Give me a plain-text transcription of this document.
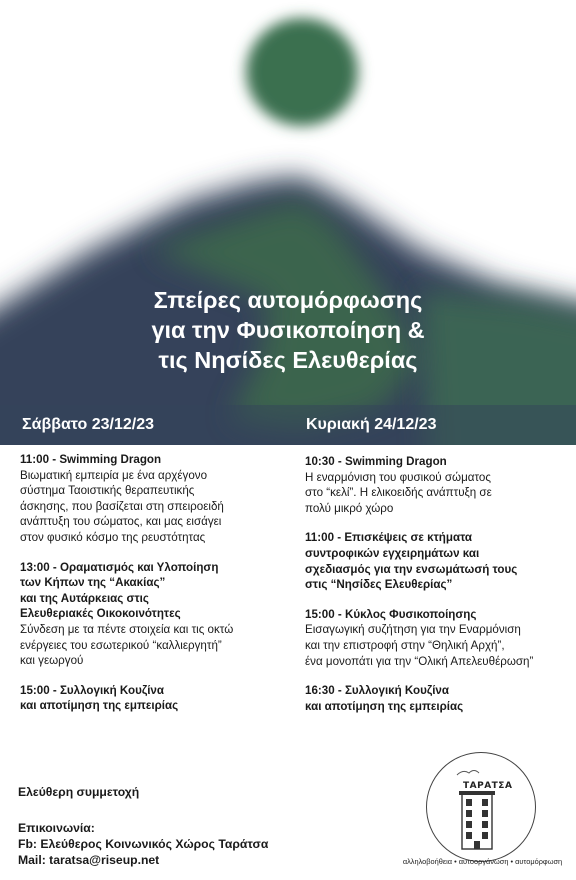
Σπείρες αυτομόρφωσης
για την Φυσικοποίηση &
τις Νησίδες Ελευθερίας
Σάββατο 23/12/23	Κυριακή 24/12/23
11:00 - Swimming Dragon
Βιωματική εμπειρία με ένα αρχέγονο
σύστημα Ταοιστικής θεραπευτικής
άσκησης, που βασίζεται στη σπειροειδή
ανάπτυξη του σώματος, και μας εισάγει
στον φυσικό κόσμο της ρευστότητας
13:00 - Οραματισμός και Υλοποίηση
των Κήπων της “Ακακίας”
και της Αυτάρκειας στις
Ελευθεριακές Οικοκοινότητες
Σύνδεση με τα πέντε στοιχεία και τις οκτώ
ενέργειες του εσωτερικού “καλλιεργητή”
και γεωργού
15:00 - Συλλογική Κουζίνα
και αποτίμηση της εμπειρίας
10:30 - Swimming Dragon
Η εναρμόνιση του φυσικού σώματος
στο “κελί”. Η ελικοειδής ανάπτυξη σε
πολύ μικρό χώρο
11:00 - Επισκέψεις σε κτήματα
συντροφικών εγχειρημάτων και
σχεδιασμός για την ενσωμάτωσή τους
στις “Νησίδες Ελευθερίας”
15:00 - Κύκλος Φυσικοποίησης
Εισαγωγική συζήτηση για την Εναρμόνιση
και την επιστροφή στην “Θηλική Αρχή”,
ένα μονοπάτι για την “Ολική Απελευθέρωση”
16:30 - Συλλογική Κουζίνα
και αποτίμηση της εμπειρίας
Ελεύθερη συμμετοχή
Επικοινωνία:
Fb: Ελεύθερος Κοινωνικός Χώρος Ταράτσα
Mail: taratsa@riseup.net
ΤΑΡΑΤΣΑ
αλληλοβοήθεια • αυτοοργάνωση • αυτομόρφωση
